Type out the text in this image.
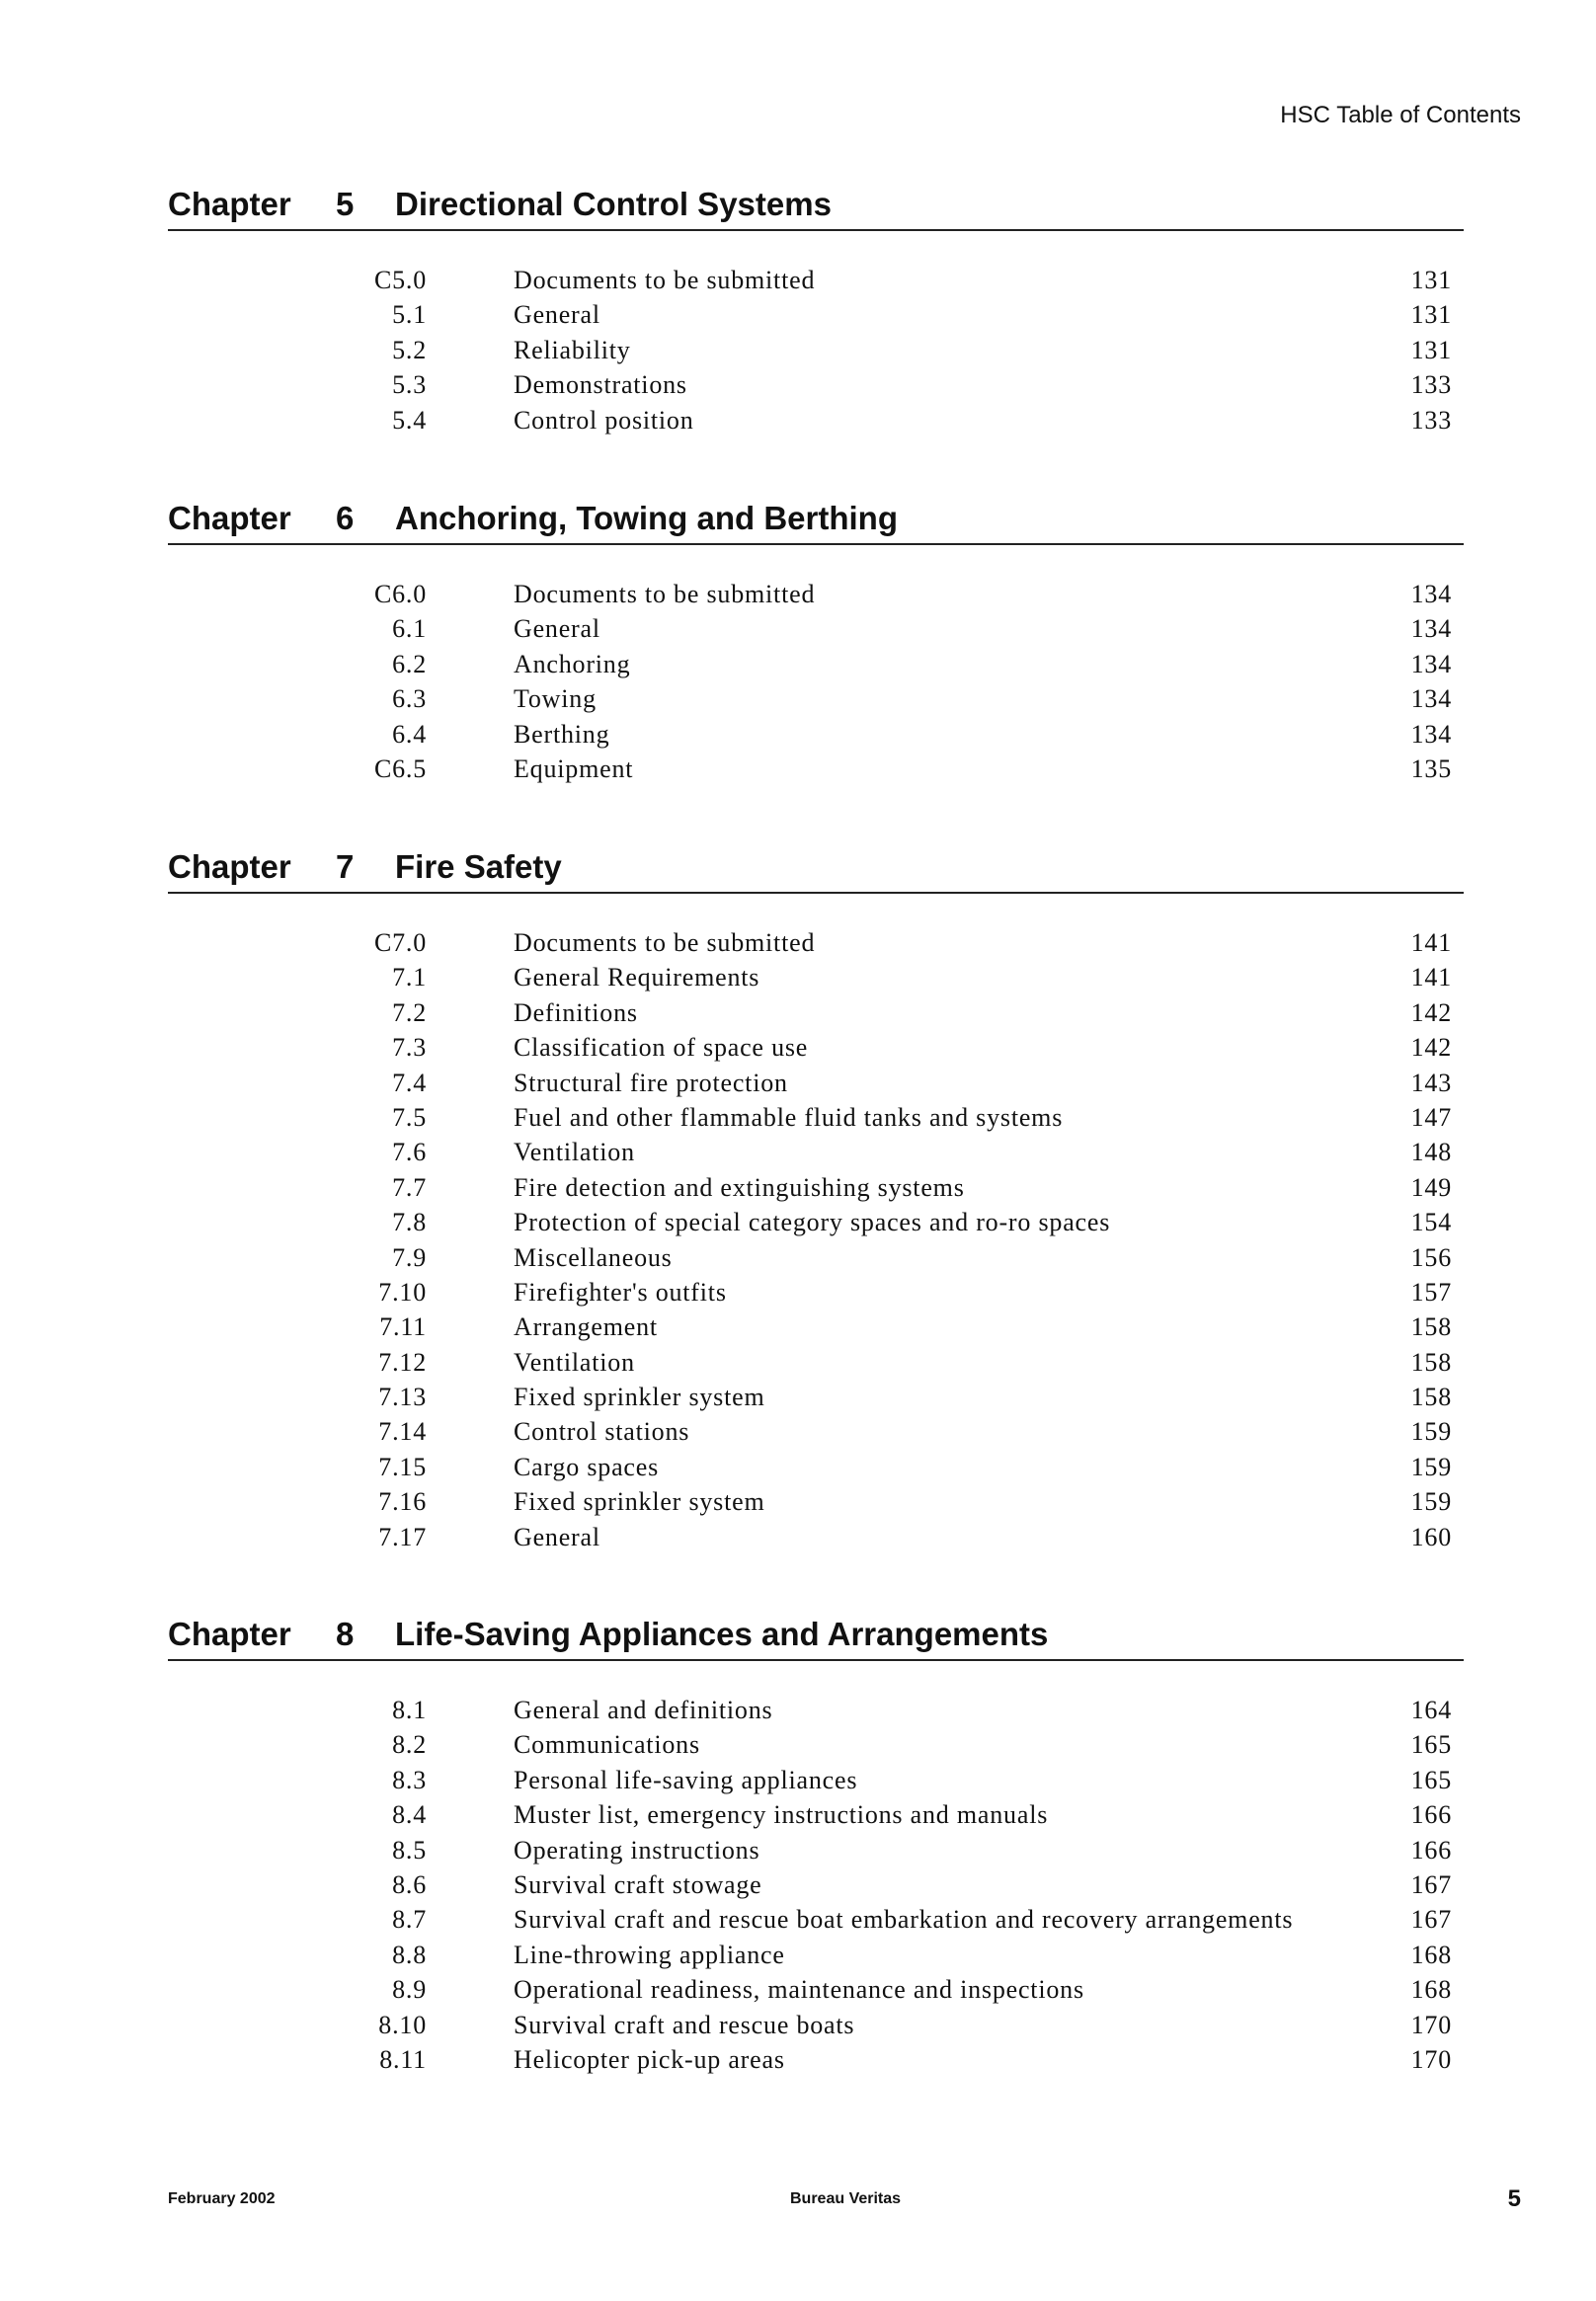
HSC Table of Contents
Chapter 5 Directional Control Systems
C5.0	Documents to be submitted	131
5.1	General	131
5.2	Reliability	131
5.3	Demonstrations	133
5.4	Control position	133
Chapter 6 Anchoring, Towing and Berthing
C6.0	Documents to be submitted	134
6.1	General	134
6.2	Anchoring	134
6.3	Towing	134
6.4	Berthing	134
C6.5	Equipment	135
Chapter 7 Fire Safety
C7.0	Documents to be submitted	141
7.1	General Requirements	141
7.2	Definitions	142
7.3	Classification of space use	142
7.4	Structural fire protection	143
7.5	Fuel and other flammable fluid tanks and systems	147
7.6	Ventilation	148
7.7	Fire detection and extinguishing systems	149
7.8	Protection of special category spaces and ro-ro spaces	154
7.9	Miscellaneous	156
7.10	Firefighter's outfits	157
7.11	Arrangement	158
7.12	Ventilation	158
7.13	Fixed sprinkler system	158
7.14	Control stations	159
7.15	Cargo spaces	159
7.16	Fixed sprinkler system	159
7.17	General	160
Chapter 8 Life-Saving Appliances and Arrangements
8.1	General and definitions	164
8.2	Communications	165
8.3	Personal life-saving appliances	165
8.4	Muster list, emergency instructions and manuals	166
8.5	Operating instructions	166
8.6	Survival craft stowage	167
8.7	Survival craft and rescue boat embarkation and recovery arrangements	167
8.8	Line-throwing appliance	168
8.9	Operational readiness, maintenance and inspections	168
8.10	Survival craft and rescue boats	170
8.11	Helicopter pick-up areas	170
February 2002	Bureau Veritas	5
